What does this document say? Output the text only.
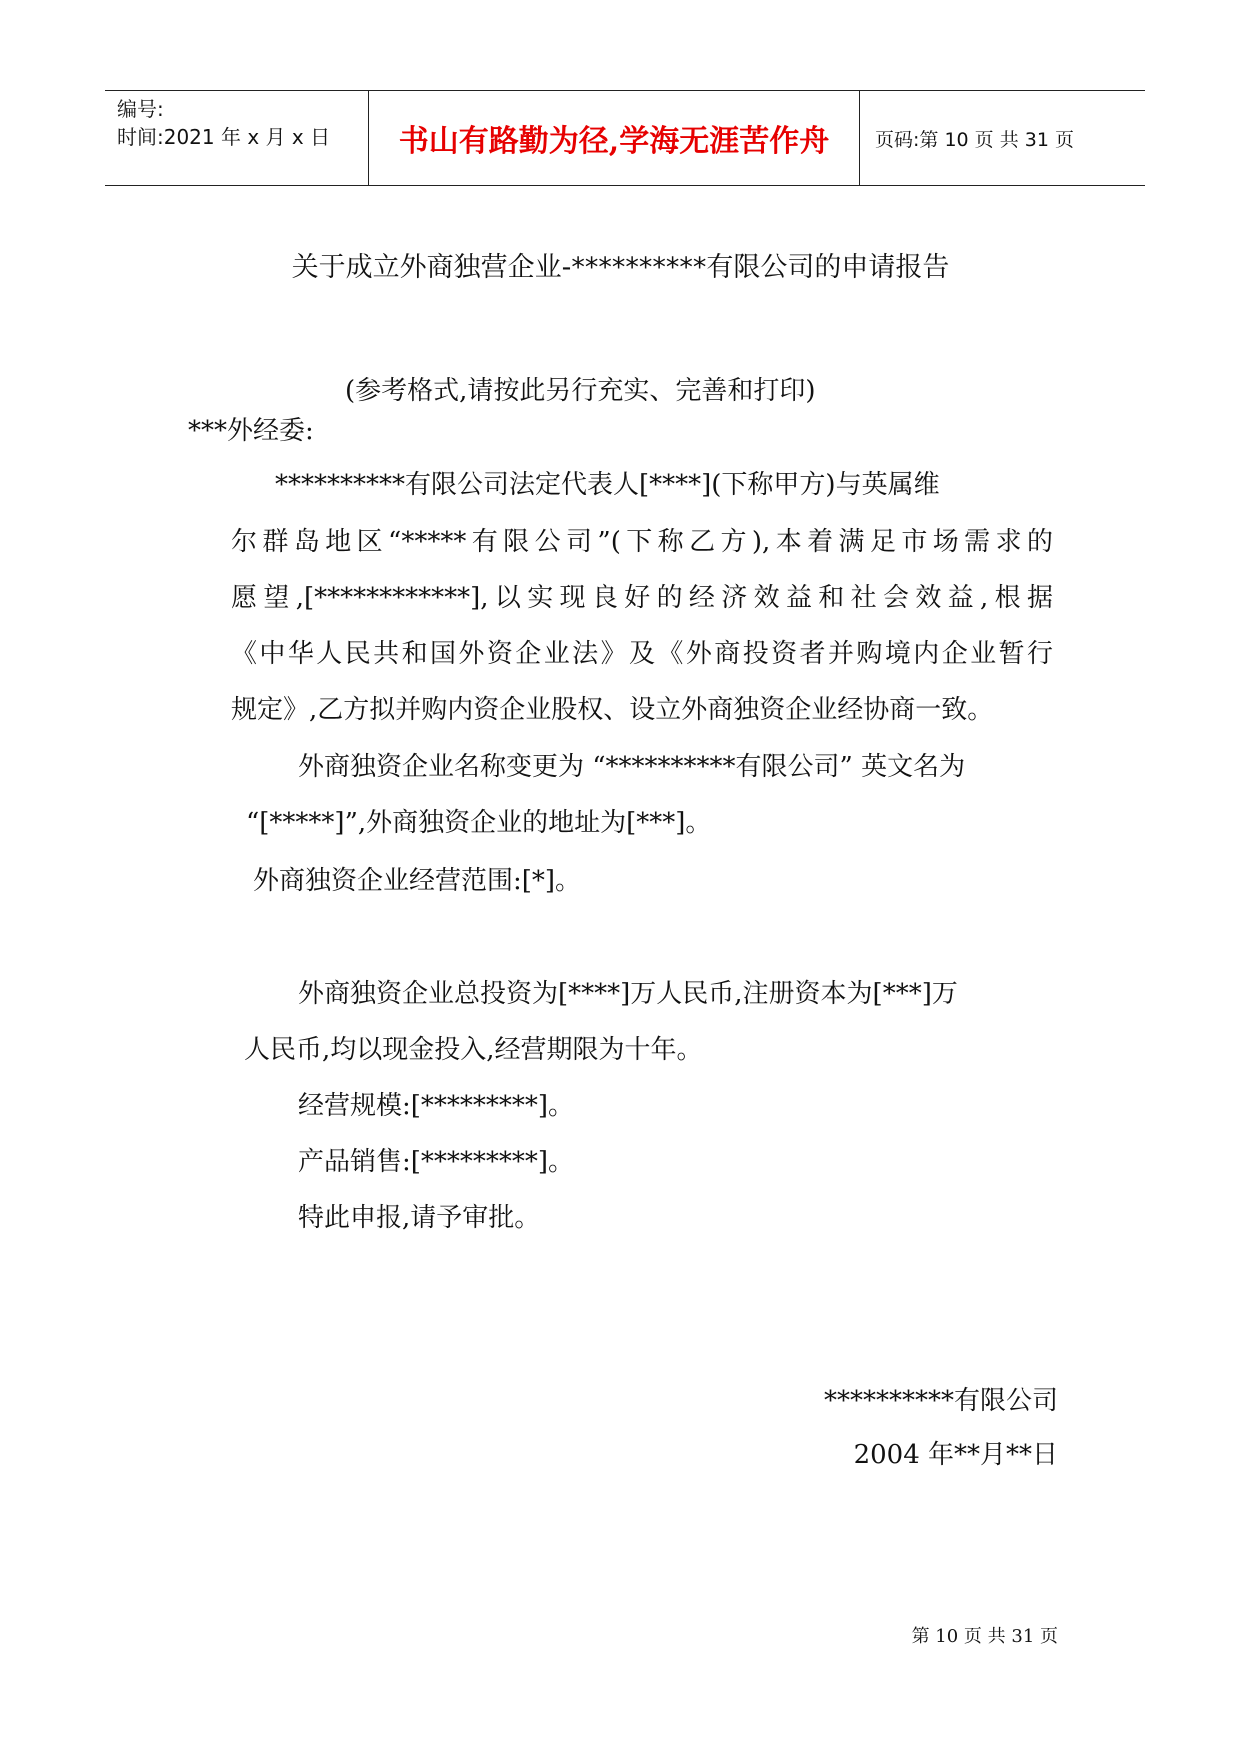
编号:
时间:2021 年 x 月 x 日	书山有路勤为径,学海无涯苦作舟	页码:第 10 页 共 31 页
关于成立外商独营企业-**********有限公司的申请报告
(参考格式,请按此另行充实、完善和打印)
***外经委:
**********有限公司法定代表人[****](下称甲方)与英属维
尔群岛地区“*****有限公司”(下称乙方),本着满足市场需求的
愿望,[************],以实现良好的经济效益和社会效益,根据
《中华人民共和国外资企业法》及《外商投资者并购境内企业暂行
规定》,乙方拟并购内资企业股权、设立外商独资企业经协商一致。
外商独资企业名称变更为 “**********有限公司” 英文名为
“[*****]”,外商独资企业的地址为[***]。
外商独资企业经营范围:[*]。
外商独资企业总投资为[****]万人民币,注册资本为[***]万
人民币,均以现金投入,经营期限为十年。
经营规模:[*********]。
产品销售:[*********]。
特此申报,请予审批。
**********有限公司
2004 年**月**日
第 10 页 共 31 页
